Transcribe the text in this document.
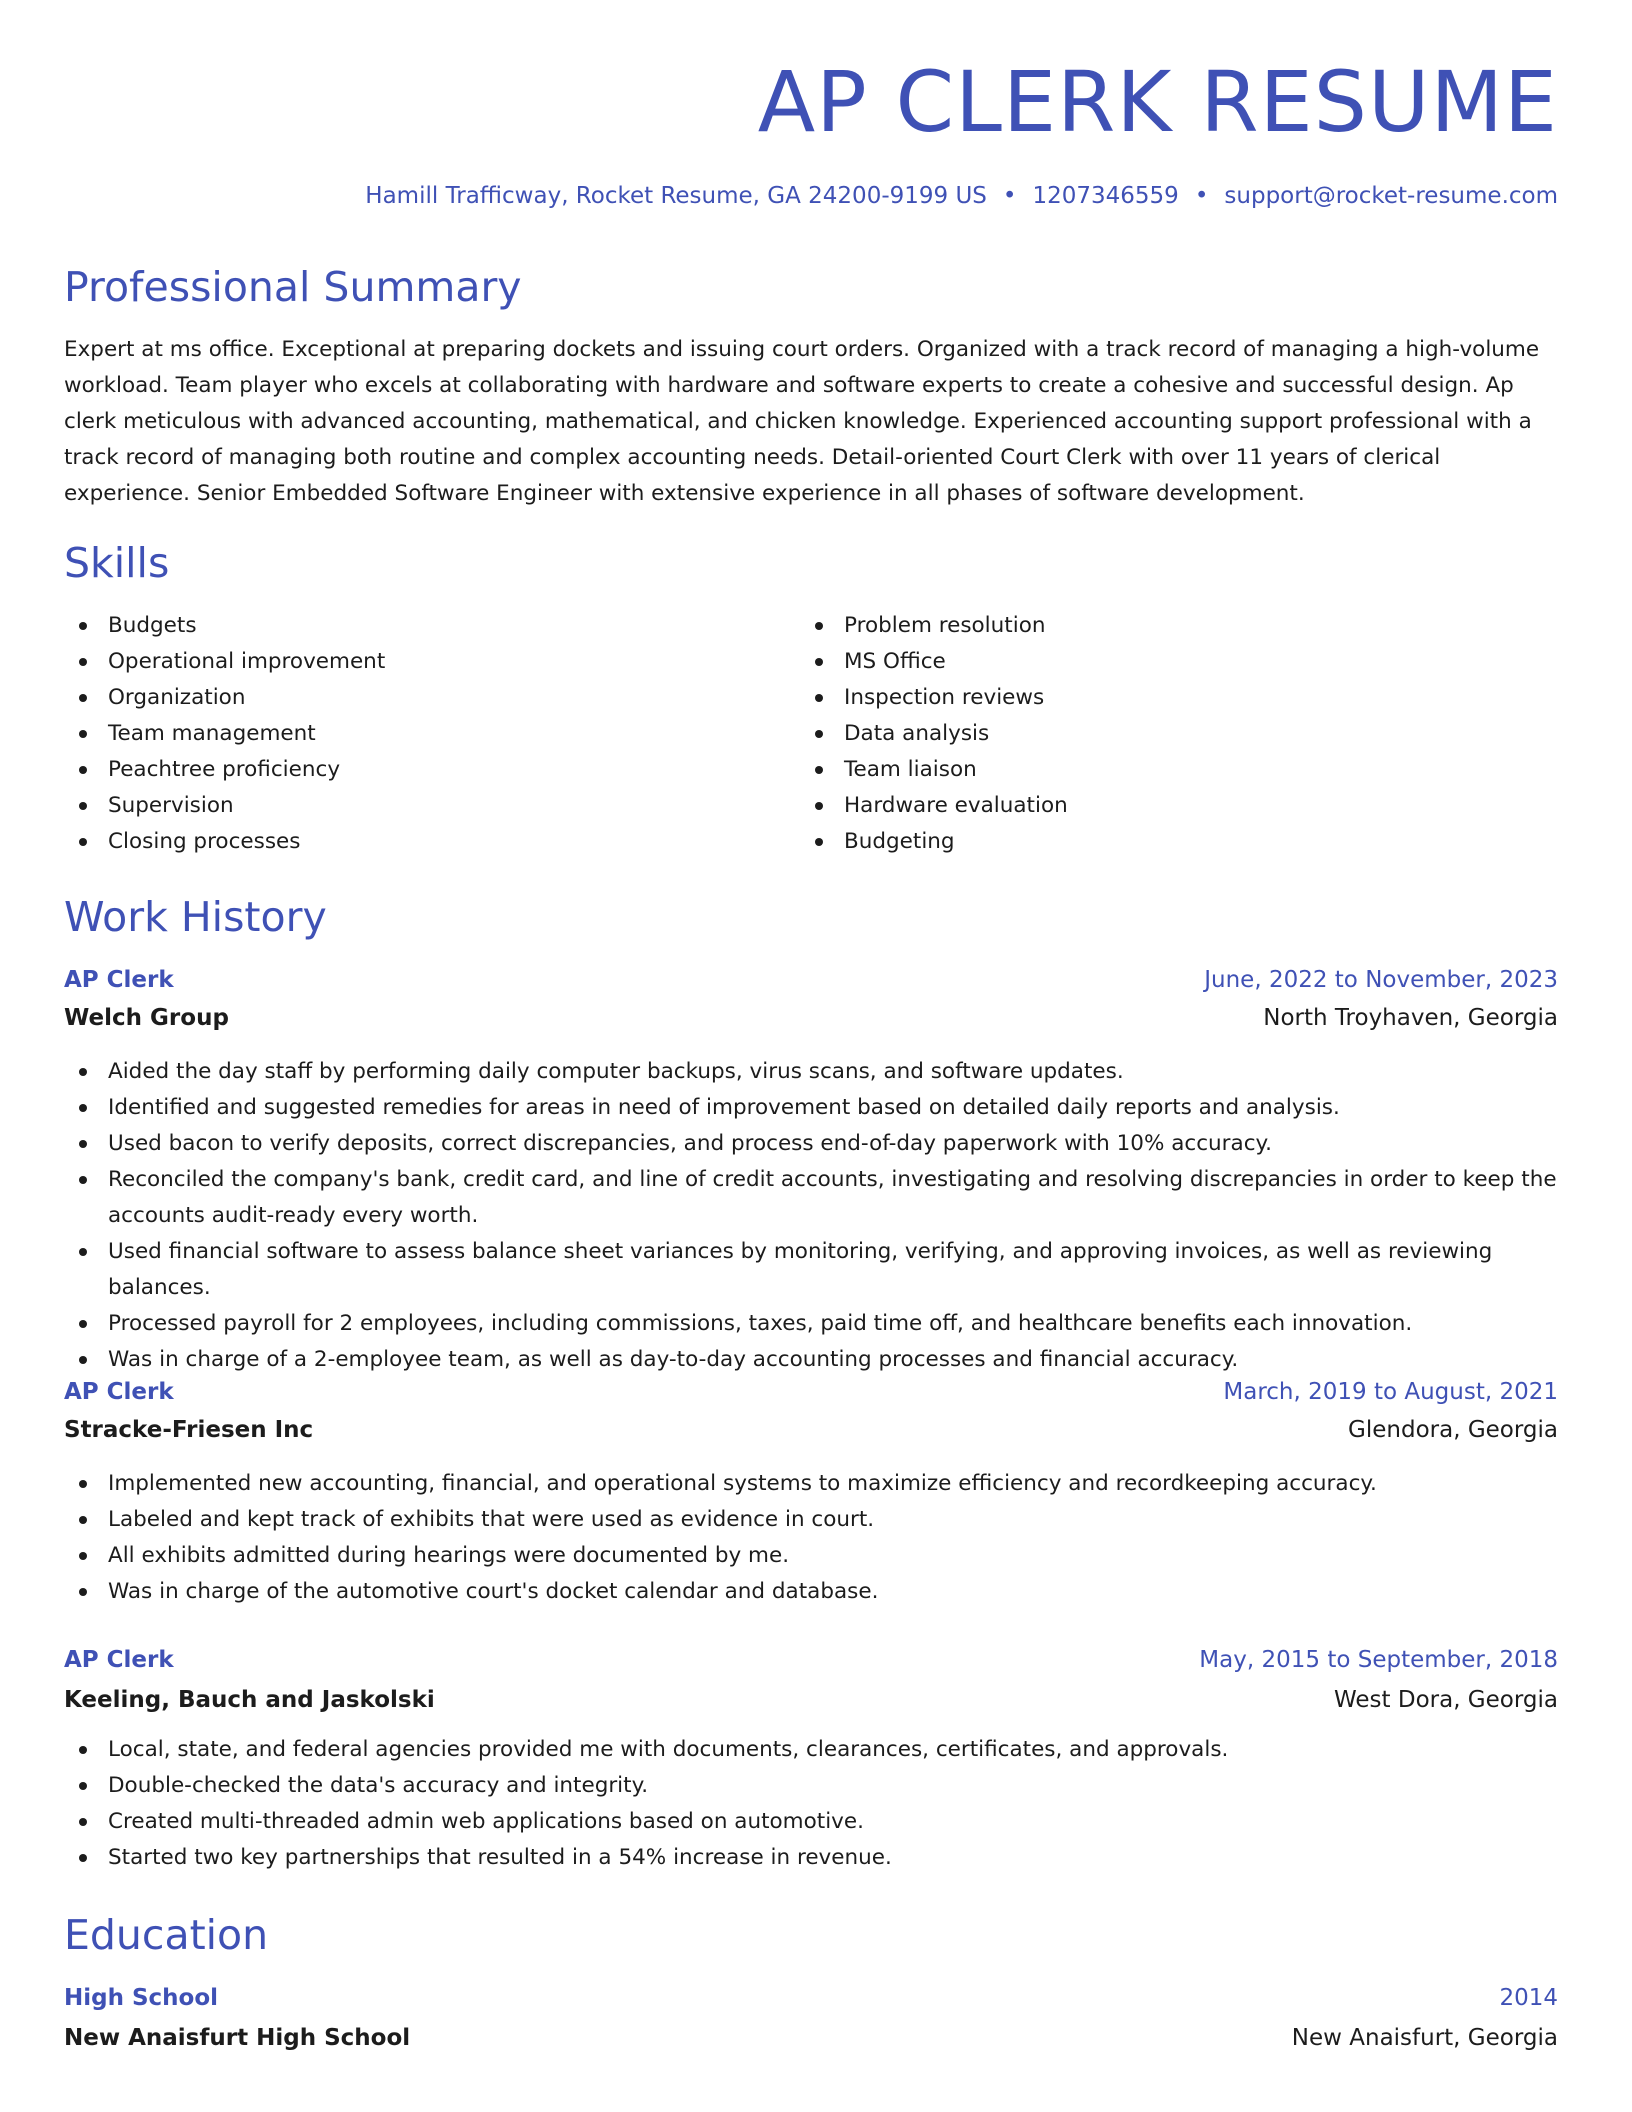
AP CLERK RESUME
Hamill Trafficway, Rocket Resume, GA 24200-9199 US • 1207346559 • support@rocket-resume.com
Professional Summary
Expert at ms office. Exceptional at preparing dockets and issuing court orders. Organized with a track record of managing a high-volume workload. Team player who excels at collaborating with hardware and software experts to create a cohesive and successful design. Ap clerk meticulous with advanced accounting, mathematical, and chicken knowledge. Experienced accounting support professional with a track record of managing both routine and complex accounting needs. Detail-oriented Court Clerk with over 11 years of clerical experience. Senior Embedded Software Engineer with extensive experience in all phases of software development.
Skills
Budgets
Operational improvement
Organization
Team management
Peachtree proficiency
Supervision
Closing processes
Problem resolution
MS Office
Inspection reviews
Data analysis
Team liaison
Hardware evaluation
Budgeting
Work History
AP Clerk	June, 2022 to November, 2023
Welch Group	North Troyhaven, Georgia
Aided the day staff by performing daily computer backups, virus scans, and software updates.
Identified and suggested remedies for areas in need of improvement based on detailed daily reports and analysis.
Used bacon to verify deposits, correct discrepancies, and process end-of-day paperwork with 10% accuracy.
Reconciled the company's bank, credit card, and line of credit accounts, investigating and resolving discrepancies in order to keep the accounts audit-ready every worth.
Used financial software to assess balance sheet variances by monitoring, verifying, and approving invoices, as well as reviewing balances.
Processed payroll for 2 employees, including commissions, taxes, paid time off, and healthcare benefits each innovation.
Was in charge of a 2-employee team, as well as day-to-day accounting processes and financial accuracy.
AP Clerk	March, 2019 to August, 2021
Stracke-Friesen Inc	Glendora, Georgia
Implemented new accounting, financial, and operational systems to maximize efficiency and recordkeeping accuracy.
Labeled and kept track of exhibits that were used as evidence in court.
All exhibits admitted during hearings were documented by me.
Was in charge of the automotive court's docket calendar and database.
AP Clerk	May, 2015 to September, 2018
Keeling, Bauch and Jaskolski	West Dora, Georgia
Local, state, and federal agencies provided me with documents, clearances, certificates, and approvals.
Double-checked the data's accuracy and integrity.
Created multi-threaded admin web applications based on automotive.
Started two key partnerships that resulted in a 54% increase in revenue.
Education
High School	2014
New Anaisfurt High School	New Anaisfurt, Georgia
